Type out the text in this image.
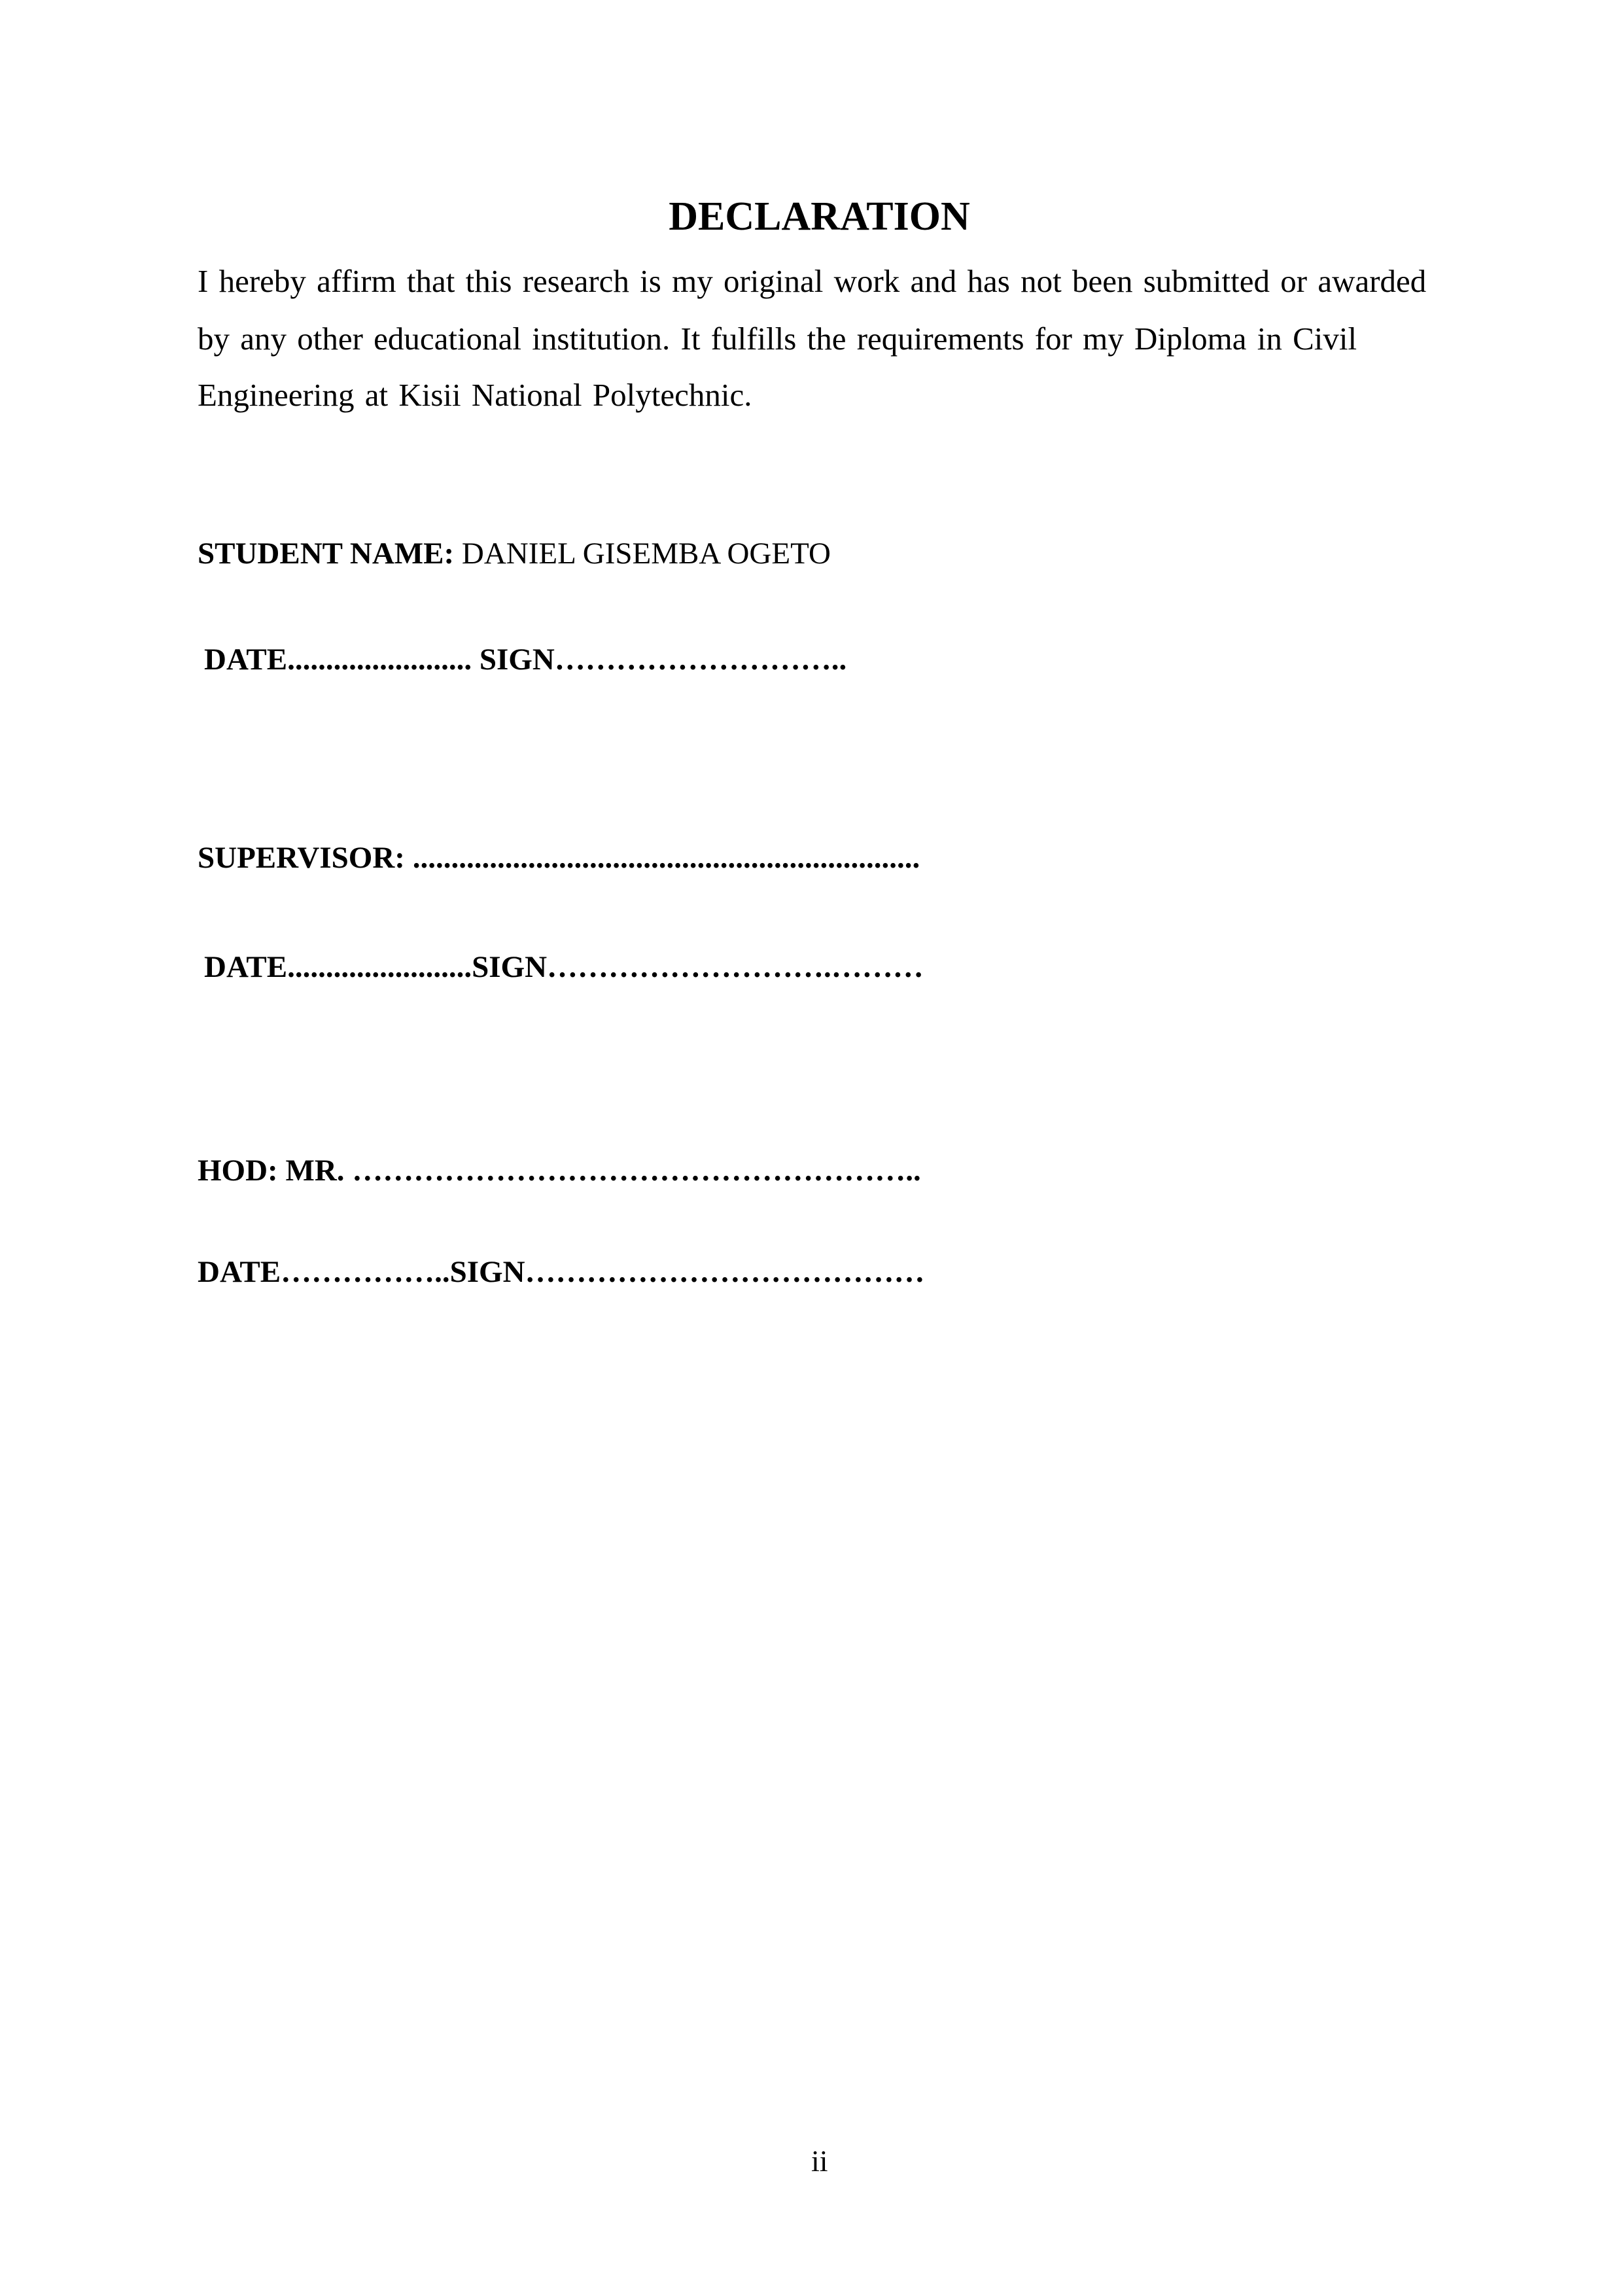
DECLARATION
I hereby affirm that this research is my original work and has not been submitted or awarded
by any other educational institution. It fulfills the requirements for my Diploma in Civil
Engineering at Kisii National Polytechnic.
STUDENT NAME: DANIEL GISEMBA OGETO
DATE........................ SIGN………………………..
SUPERVISOR: ..................................................................
DATE........................SIGN……………………….………
HOD: MR. ………………………………………………..
DATE……………..SIGN…………………………………
ii
